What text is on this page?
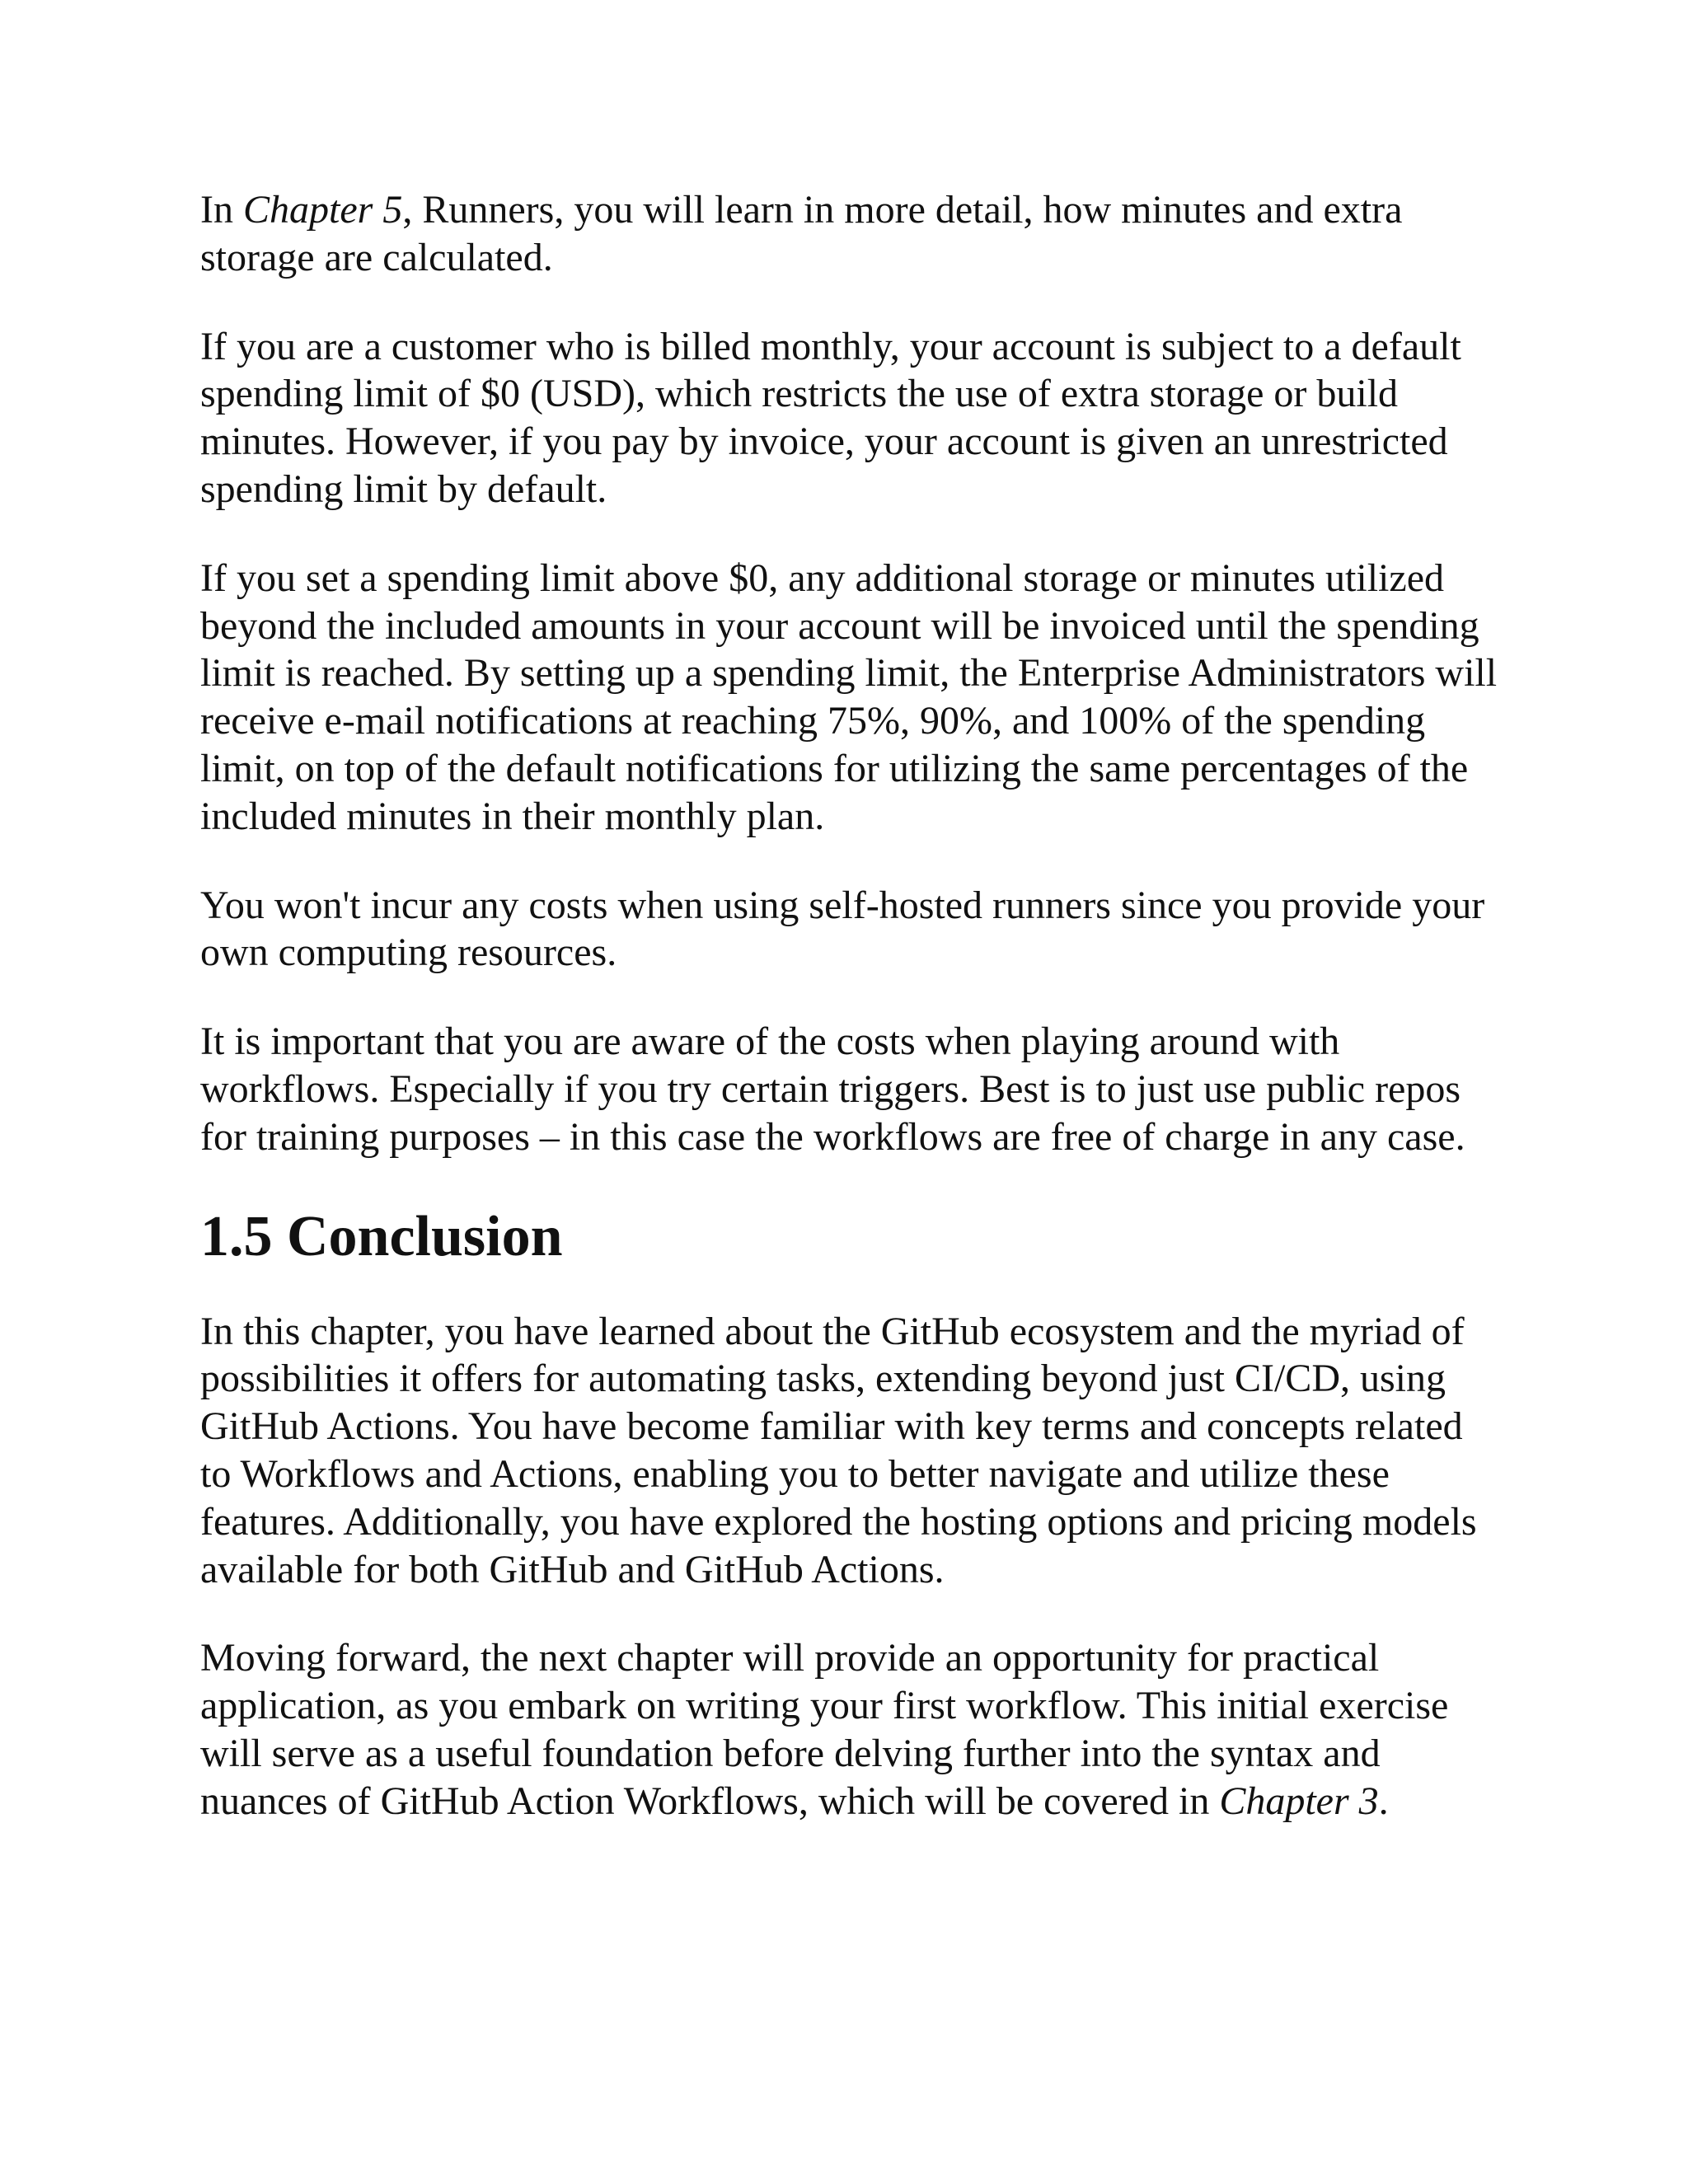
In Chapter 5, Runners, you will learn in more detail, how minutes and extra storage are calculated.

If you are a customer who is billed monthly, your account is subject to a default spending limit of $0 (USD), which restricts the use of extra storage or build minutes. However, if you pay by invoice, your account is given an unrestricted spending limit by default.

If you set a spending limit above $0, any additional storage or minutes utilized beyond the included amounts in your account will be invoiced until the spending limit is reached. By setting up a spending limit, the Enterprise Administrators will receive e-mail notifications at reaching 75%, 90%, and 100% of the spending limit, on top of the default notifications for utilizing the same percentages of the included minutes in their monthly plan.

You won't incur any costs when using self-hosted runners since you provide your own computing resources.

It is important that you are aware of the costs when playing around with workflows. Especially if you try certain triggers. Best is to just use public repos for training purposes – in this case the workflows are free of charge in any case.

1.5 Conclusion

In this chapter, you have learned about the GitHub ecosystem and the myriad of possibilities it offers for automating tasks, extending beyond just CI/CD, using GitHub Actions. You have become familiar with key terms and concepts related to Workflows and Actions, enabling you to better navigate and utilize these features. Additionally, you have explored the hosting options and pricing models available for both GitHub and GitHub Actions.

Moving forward, the next chapter will provide an opportunity for practical application, as you embark on writing your first workflow. This initial exercise will serve as a useful foundation before delving further into the syntax and nuances of GitHub Action Workflows, which will be covered in Chapter 3.
